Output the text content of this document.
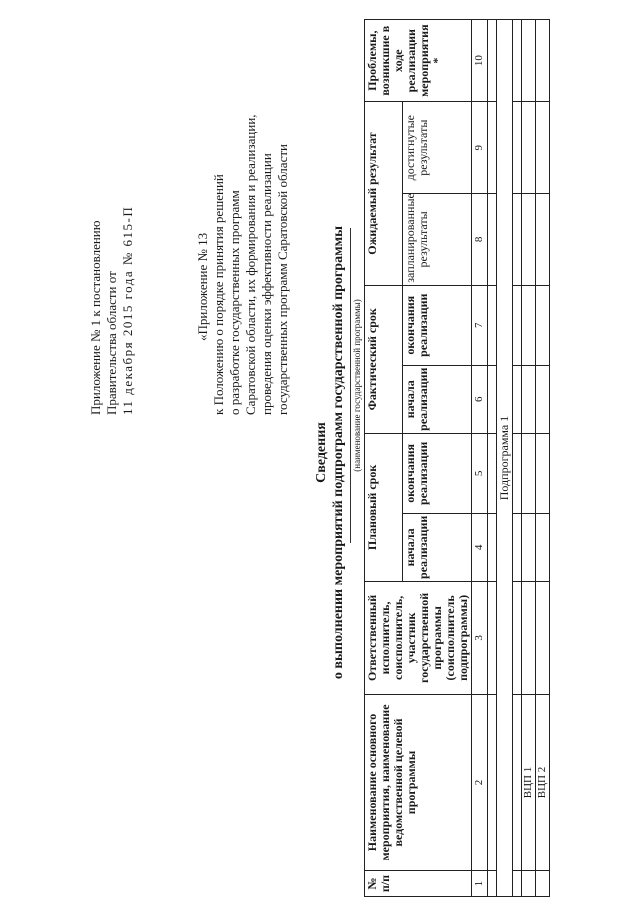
Приложение № 1 к постановлению Правительства области от 11 декабря 2015 года № 615-П	«Приложение № 13 к Положению о порядке принятия решений о разработке государственных программ Саратовской области, их формирования и реализации, проведения оценки эффективности реализации государственных программ Саратовской области
Сведения о выполнении мероприятий подпрограмм государственной программы (наименование государственной программы)
№ п/п	Наименование основного мероприятия, наименование ведомственной целевой программы	Ответственный исполнитель, соисполнитель, участник государственной программы (соисполнитель подпрограммы)	Плановый срок		Фактический срок		Ожидаемый результат		Проблемы, возникшие в ходе реализации мероприятия *
			начала реализации	окончания реализации	начала реализации	окончания реализации	запланированные результаты	достигнутые результаты	
1	2	3	4	5	6	7	8	9	10

Подпрограмма 1									

	ВЦП 1								
	ВЦП 2								
